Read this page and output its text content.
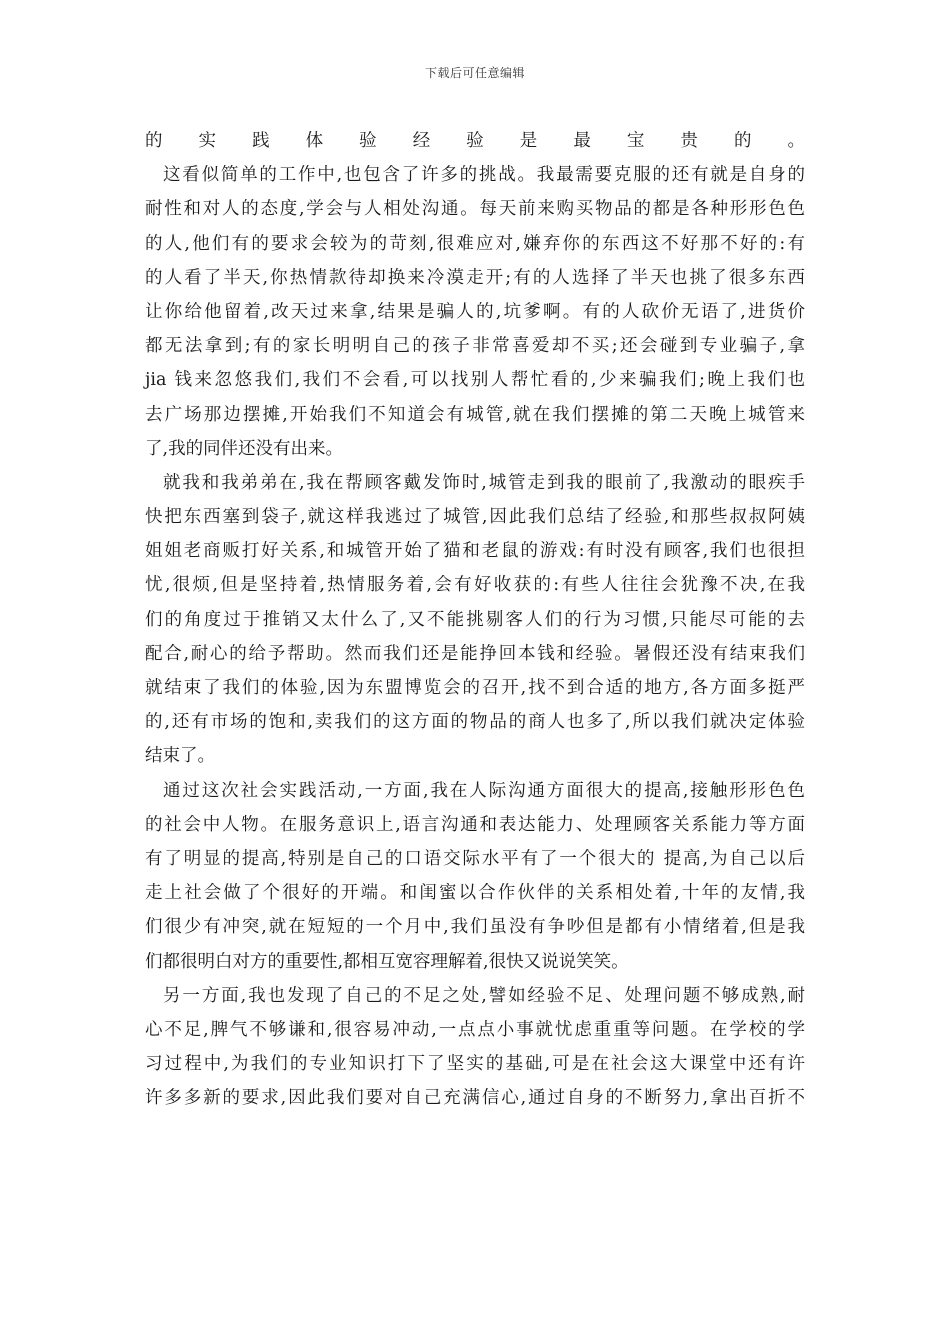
下载后可任意编辑
的实践体验经验是最宝贵的。
这看似简单的工作中,也包含了许多的挑战。我最需要克服的还有就是自身的
耐性和对人的态度,学会与人相处沟通。每天前来购买物品的都是各种形形色色
的人,他们有的要求会较为的苛刻,很难应对,嫌弃你的东西这不好那不好的:有
的人看了半天,你热情款待却换来冷漠走开;有的人选择了半天也挑了很多东西
让你给他留着,改天过来拿,结果是骗人的,坑爹啊。有的人砍价无语了,进货价
都无法拿到;有的家长明明自己的孩子非常喜爱却不买;还会碰到专业骗子,拿
jia 钱来忽悠我们,我们不会看,可以找别人帮忙看的,少来骗我们;晚上我们也
去广场那边摆摊,开始我们不知道会有城管,就在我们摆摊的第二天晚上城管来
了,我的同伴还没有出来。
就我和我弟弟在,我在帮顾客戴发饰时,城管走到我的眼前了,我激动的眼疾手
快把东西塞到袋子,就这样我逃过了城管,因此我们总结了经验,和那些叔叔阿姨
姐姐老商贩打好关系,和城管开始了猫和老鼠的游戏:有时没有顾客,我们也很担
忧,很烦,但是坚持着,热情服务着,会有好收获的:有些人往往会犹豫不决,在我
们的角度过于推销又太什么了,又不能挑剔客人们的行为习惯,只能尽可能的去
配合,耐心的给予帮助。然而我们还是能挣回本钱和经验。暑假还没有结束我们
就结束了我们的体验,因为东盟博览会的召开,找不到合适的地方,各方面多挺严
的,还有市场的饱和,卖我们的这方面的物品的商人也多了,所以我们就决定体验
结束了。
通过这次社会实践活动,一方面,我在人际沟通方面很大的提高,接触形形色色
的社会中人物。在服务意识上,语言沟通和表达能力、处理顾客关系能力等方面
有了明显的提高,特别是自己的口语交际水平有了一个很大的 提高,为自己以后
走上社会做了个很好的开端。和闺蜜以合作伙伴的关系相处着,十年的友情,我
们很少有冲突,就在短短的一个月中,我们虽没有争吵但是都有小情绪着,但是我
们都很明白对方的重要性,都相互宽容理解着,很快又说说笑笑。
另一方面,我也发现了自己的不足之处,譬如经验不足、处理问题不够成熟,耐
心不足,脾气不够谦和,很容易冲动,一点点小事就忧虑重重等问题。在学校的学
习过程中,为我们的专业知识打下了坚实的基础,可是在社会这大课堂中还有许
许多多新的要求,因此我们要对自己充满信心,通过自身的不断努力,拿出百折不
